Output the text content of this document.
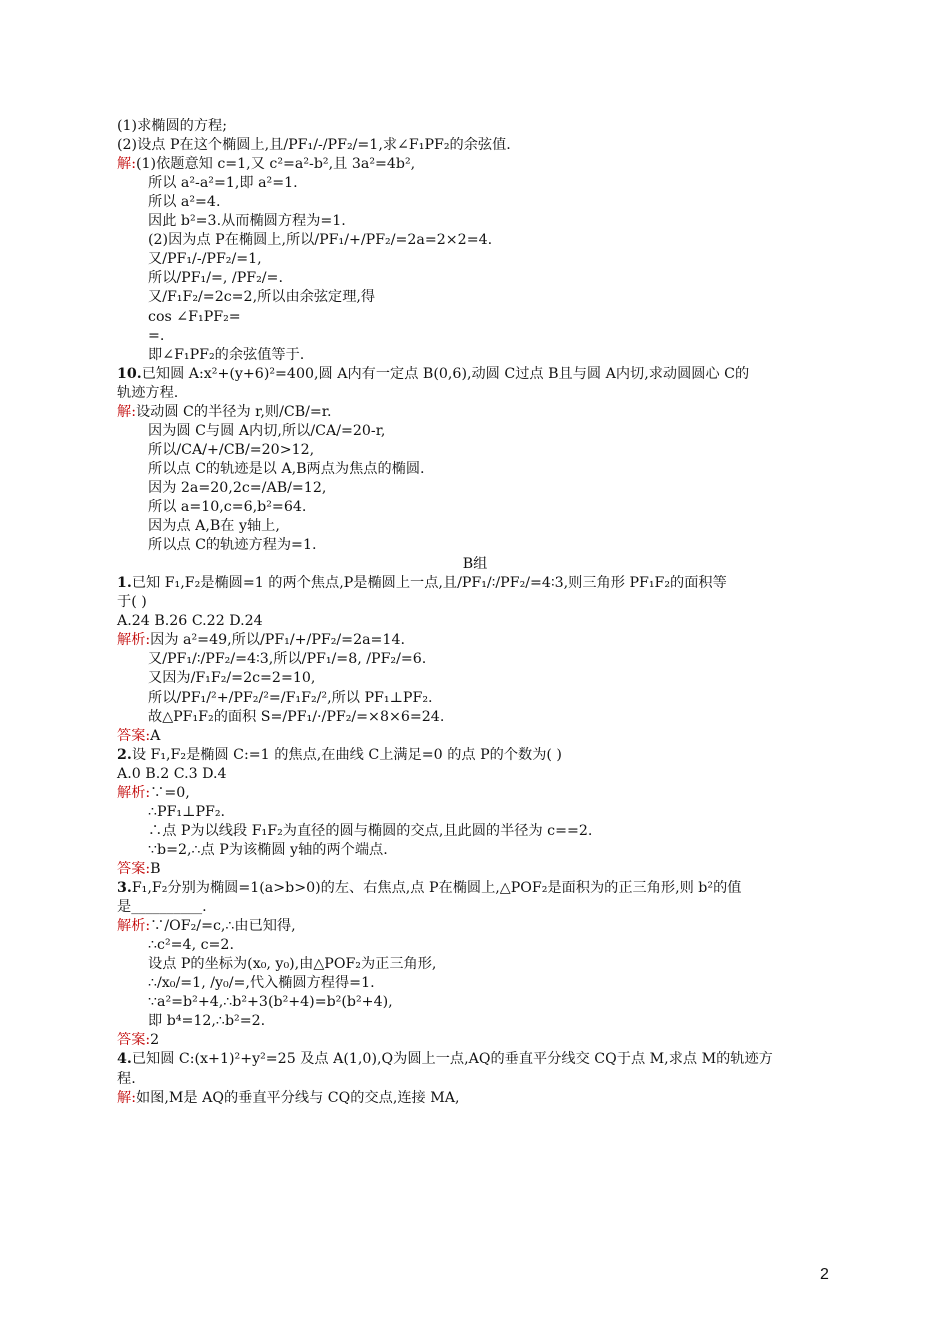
(1)求椭圆的方程;
(2)设点 P在这个椭圆上,且/PF₁/-/PF₂/=1,求∠F₁PF₂的余弦值.
解:(1)依题意知 c=1,又 c²=a²-b²,且 3a²=4b²,
所以 a²-a²=1,即 a²=1.
所以 a²=4.
因此 b²=3.从而椭圆方程为=1.
(2)因为点 P在椭圆上,所以/PF₁/+/PF₂/=2a=2×2=4.
又/PF₁/-/PF₂/=1,
所以/PF₁/=, /PF₂/=.
又/F₁F₂/=2c=2,所以由余弦定理,得
cos ∠F₁PF₂=
=.
即∠F₁PF₂的余弦值等于.
10.已知圆 A:x²+(y+6)²=400,圆 A内有一定点 B(0,6),动圆 C过点 B且与圆 A内切,求动圆圆心 C的
轨迹方程.
解:设动圆 C的半径为 r,则/CB/=r.
因为圆 C与圆 A内切,所以/CA/=20-r,
所以/CA/+/CB/=20>12,
所以点 C的轨迹是以 A,B两点为焦点的椭圆.
因为 2a=20,2c=/AB/=12,
所以 a=10,c=6,b²=64.
因为点 A,B在 y轴上,
所以点 C的轨迹方程为=1.
B组
1.已知 F₁,F₂是椭圆=1 的两个焦点,P是椭圆上一点,且/PF₁/∶/PF₂/=4∶3,则三角形 PF₁F₂的面积等
于( )
A.24 B.26 C.22 D.24
解析:因为 a²=49,所以/PF₁/+/PF₂/=2a=14.
又/PF₁/∶/PF₂/=4∶3,所以/PF₁/=8, /PF₂/=6.
又因为/F₁F₂/=2c=2=10,
所以/PF₁/²+/PF₂/²=/F₁F₂/²,所以 PF₁⊥PF₂.
故△PF₁F₂的面积 S=/PF₁/·/PF₂/=×8×6=24.
答案:A
2.设 F₁,F₂是椭圆 C:=1 的焦点,在曲线 C上满足=0 的点 P的个数为( )
A.0 B.2 C.3 D.4
解析:∵=0,
∴PF₁⊥PF₂.
∴点 P为以线段 F₁F₂为直径的圆与椭圆的交点,且此圆的半径为 c==2.
∵b=2,∴点 P为该椭圆 y轴的两个端点.
答案:B
3.F₁,F₂分别为椭圆=1(a>b>0)的左、右焦点,点 P在椭圆上,△POF₂是面积为的正三角形,则 b²的值
是__________.
解析:∵/OF₂/=c,∴由已知得,
∴c²=4, c=2.
设点 P的坐标为(x₀, y₀),由△POF₂为正三角形,
∴/x₀/=1, /y₀/=,代入椭圆方程得=1.
∵a²=b²+4,∴b²+3(b²+4)=b²(b²+4),
即 b⁴=12,∴b²=2.
答案:2
4.已知圆 C:(x+1)²+y²=25 及点 A(1,0),Q为圆上一点,AQ的垂直平分线交 CQ于点 M,求点 M的轨迹方
程.
解:如图,M是 AQ的垂直平分线与 CQ的交点,连接 MA,
2
